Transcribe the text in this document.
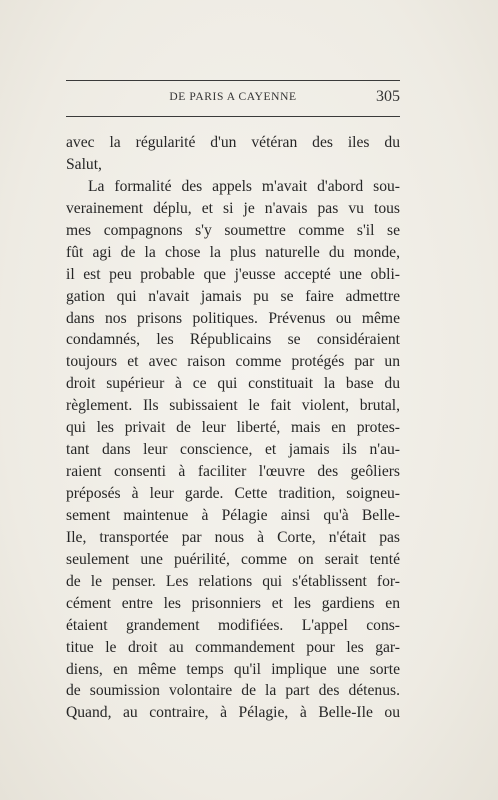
DE PARIS A CAYENNE	305
avec la régularité d'un vétéran des iles du
Salut,
La formalité des appels m'avait d'abord sou-
verainement déplu, et si je n'avais pas vu tous
mes compagnons s'y soumettre comme s'il se
fût agi de la chose la plus naturelle du monde,
il est peu probable que j'eusse accepté une obli-
gation qui n'avait jamais pu se faire admettre
dans nos prisons politiques. Prévenus ou même
condamnés, les Républicains se considéraient
toujours et avec raison comme protégés par un
droit supérieur à ce qui constituait la base du
règlement. Ils subissaient le fait violent, brutal,
qui les privait de leur liberté, mais en protes-
tant dans leur conscience, et jamais ils n'au-
raient consenti à faciliter l'œuvre des geôliers
préposés à leur garde. Cette tradition, soigneu-
sement maintenue à Pélagie ainsi qu'à Belle-
Ile, transportée par nous à Corte, n'était pas
seulement une puérilité, comme on serait tenté
de le penser. Les relations qui s'établissent for-
cément entre les prisonniers et les gardiens en
étaient grandement modifiées. L'appel cons-
titue le droit au commandement pour les gar-
diens, en même temps qu'il implique une sorte
de soumission volontaire de la part des détenus.
Quand, au contraire, à Pélagie, à Belle-Ile ou
